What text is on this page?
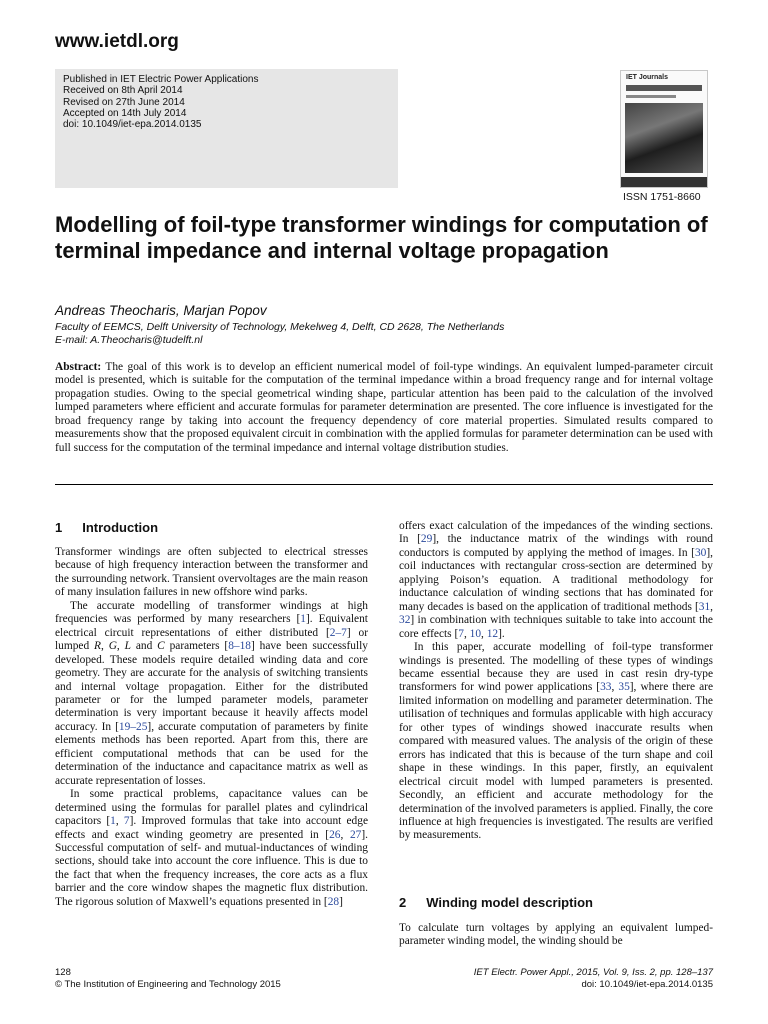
www.ietdl.org
Published in IET Electric Power Applications
Received on 8th April 2014
Revised on 27th June 2014
Accepted on 14th July 2014
doi: 10.1049/iet-epa.2014.0135
IET Journals
ISSN 1751-8660
Modelling of foil-type transformer windings for computation of terminal impedance and internal voltage propagation
Andreas Theocharis, Marjan Popov
Faculty of EEMCS, Delft University of Technology, Mekelweg 4, Delft, CD 2628, The Netherlands
E-mail: A.Theocharis@tudelft.nl
Abstract: The goal of this work is to develop an efficient numerical model of foil-type windings. An equivalent lumped-parameter circuit model is presented, which is suitable for the computation of the terminal impedance within a broad frequency range and for internal voltage propagation studies. Owing to the special geometrical winding shape, particular attention has been paid to the calculation of the involved lumped parameters where efficient and accurate formulas for parameter determination are presented. The core influence is investigated for the broad frequency range by taking into account the frequency dependency of core material properties. Simulated results compared to measurements show that the proposed equivalent circuit in combination with the applied formulas for parameter determination can be used with full success for the computation of the terminal impedance and internal voltage distribution studies.
1 Introduction

Transformer windings are often subjected to electrical stresses because of high frequency interaction between the transformer and the surrounding network. Transient overvoltages are the main reason of many insulation failures in new offshore wind parks.

The accurate modelling of transformer windings at high frequencies was performed by many researchers [1]. Equivalent electrical circuit representations of either distributed [2–7] or lumped R, G, L and C parameters [8–18] have been successfully developed. These models require detailed winding data and core geometry. They are accurate for the analysis of switching transients and internal voltage propagation. Either for the distributed parameter or for the lumped parameter models, parameter determination is very important because it heavily affects model accuracy. In [19–25], accurate computation of parameters by finite elements methods has been reported. Apart from this, there are efficient computational methods that can be used for the determination of the inductance and capacitance matrix as well as accurate representation of losses.

In some practical problems, capacitance values can be determined using the formulas for parallel plates and cylindrical capacitors [1, 7]. Improved formulas that take into account edge effects and exact winding geometry are presented in [26, 27]. Successful computation of self- and mutual-inductances of winding sections, should take into account the core influence. This is due to the fact that when the frequency increases, the core acts as a flux barrier and the core window shapes the magnetic flux distribution. The rigorous solution of Maxwell’s equations presented in [28]

offers exact calculation of the impedances of the winding sections. In [29], the inductance matrix of the windings with round conductors is computed by applying the method of images. In [30], coil inductances with rectangular cross-section are determined by applying Poison’s equation. A traditional methodology for inductance calculation of winding sections that has dominated for many decades is based on the application of traditional methods [31, 32] in combination with techniques suitable to take into account the core effects [7, 10, 12].

In this paper, accurate modelling of foil-type transformer windings is presented. The modelling of these types of windings became essential because they are used in cast resin dry-type transformers for wind power applications [33, 35], where there are limited information on modelling and parameter determination. The utilisation of techniques and formulas applicable with high accuracy for other types of windings showed inaccurate results when compared with measured values. The analysis of the origin of these errors has indicated that this is because of the turn shape and coil shape in these windings. In this paper, firstly, an equivalent electrical circuit model with lumped parameters is presented. Secondly, an efficient and accurate methodology for the determination of the involved parameters is applied. Finally, the core influence at high frequencies is investigated. The results are verified by measurements.

2 Winding model description

To calculate turn voltages by applying an equivalent lumped-parameter winding model, the winding should be

128
© The Institution of Engineering and Technology 2015
IET Electr. Power Appl., 2015, Vol. 9, Iss. 2, pp. 128–137
doi: 10.1049/iet-epa.2014.0135
